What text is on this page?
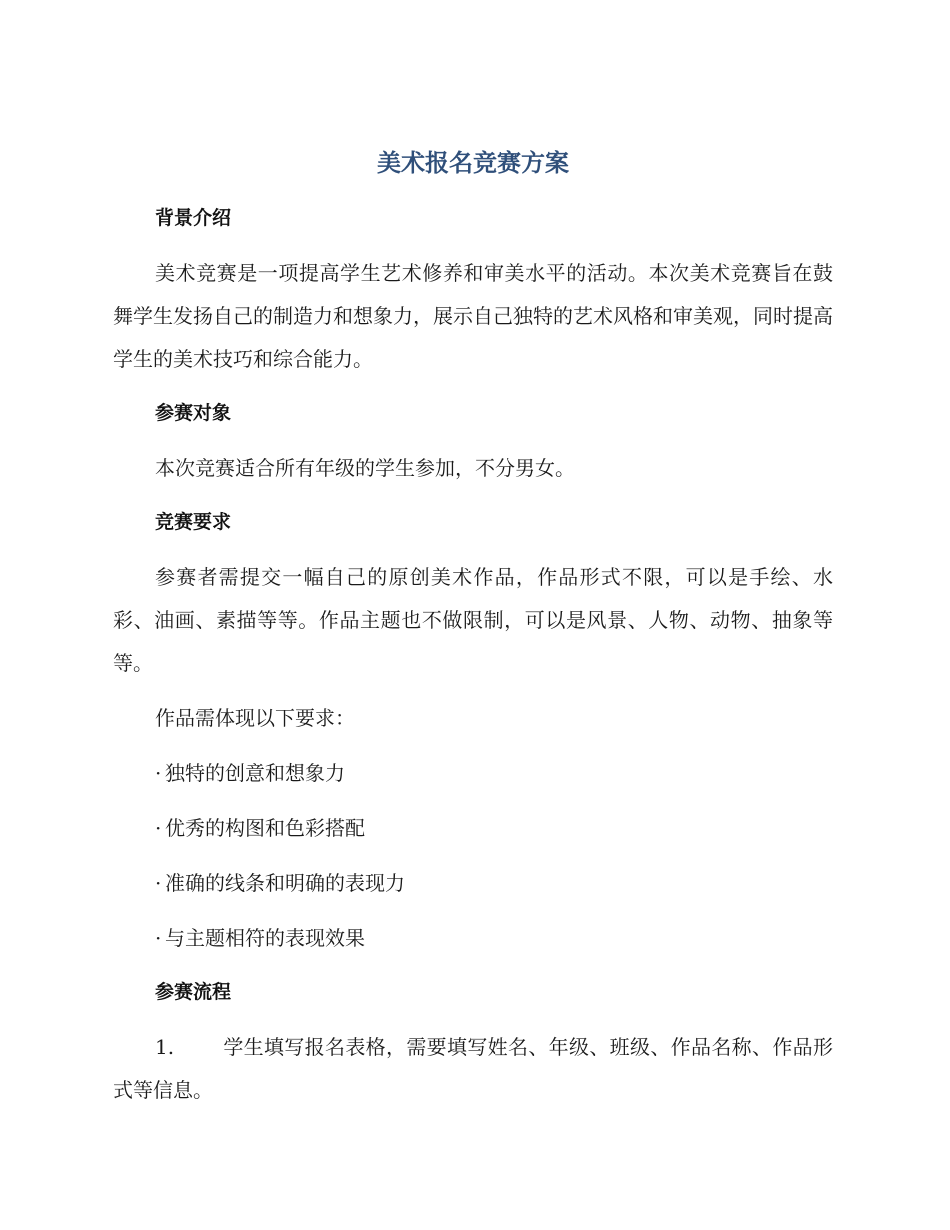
美术报名竞赛方案
背景介绍

美术竞赛是一项提高学生艺术修养和审美水平的活动。本次美术竞赛旨在鼓舞学生发扬自己的制造力和想象力，展示自己独特的艺术风格和审美观，同时提高学生的美术技巧和综合能力。

参赛对象

本次竞赛适合所有年级的学生参加，不分男女。

竞赛要求

参赛者需提交一幅自己的原创美术作品，作品形式不限，可以是手绘、水彩、油画、素描等等。作品主题也不做限制，可以是风景、人物、动物、抽象等等。

作品需体现以下要求：

· 独特的创意和想象力
· 优秀的构图和色彩搭配
· 准确的线条和明确的表现力
· 与主题相符的表现效果
参赛流程

1. 学生填写报名表格，需要填写姓名、年级、班级、作品名称、作品形式等信息。
